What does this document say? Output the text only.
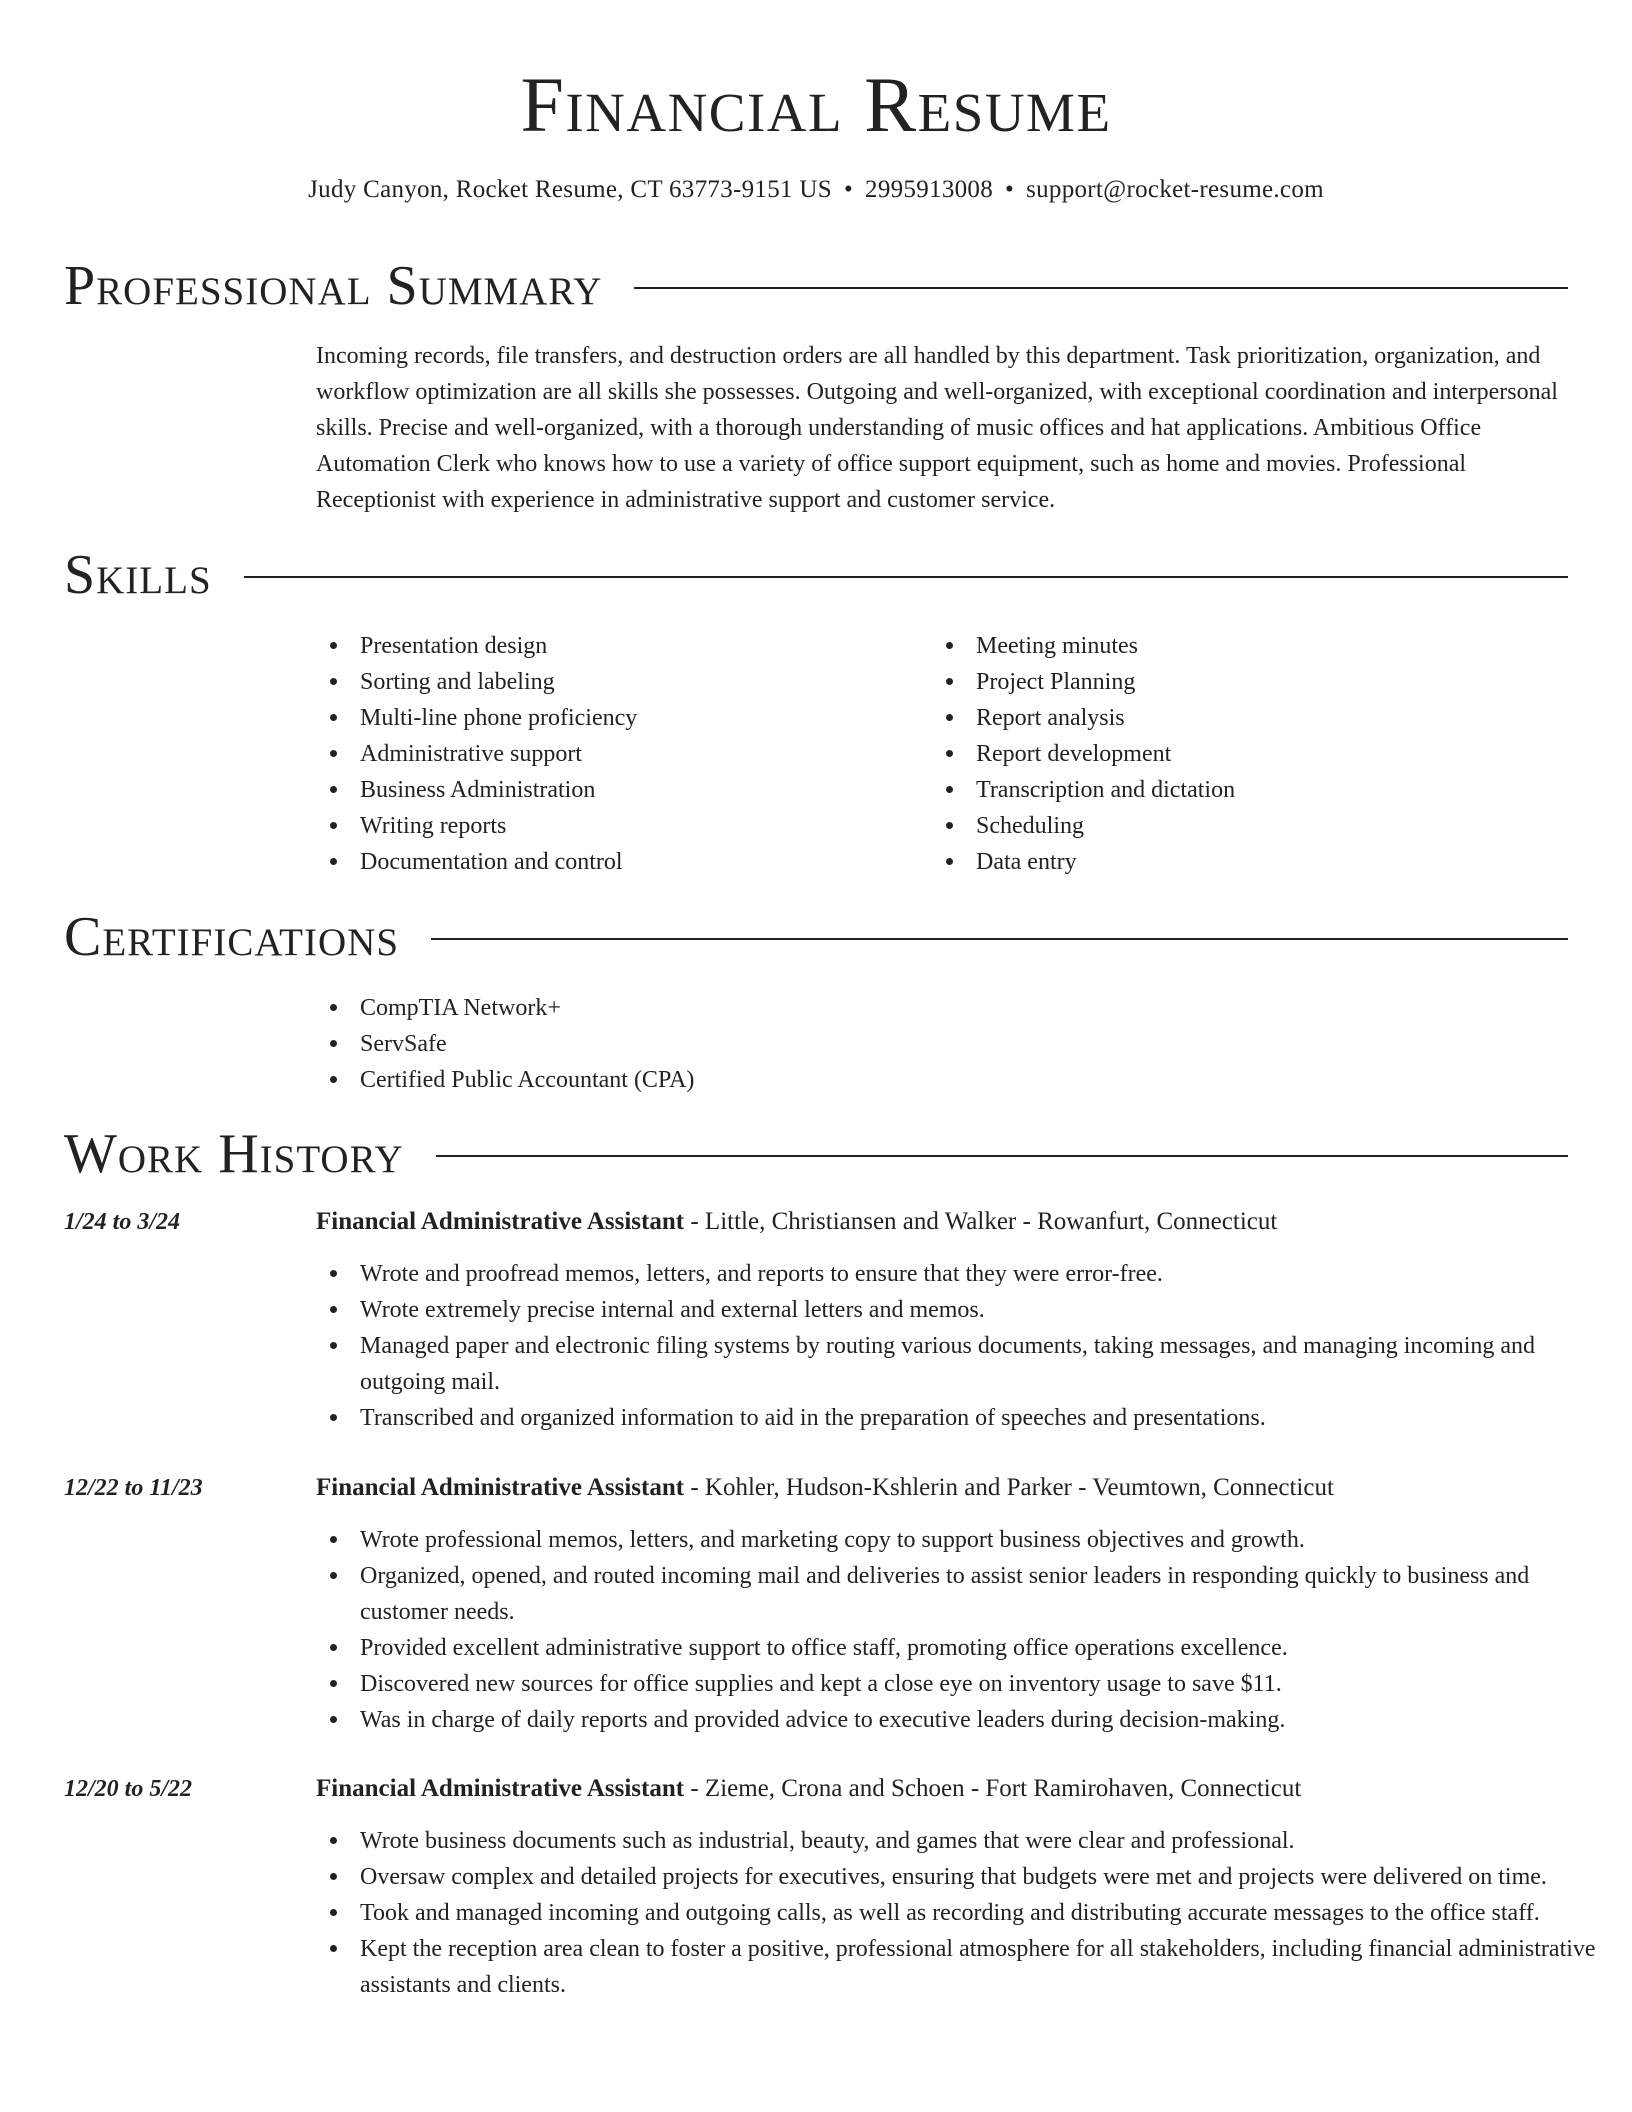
Financial Resume
Judy Canyon, Rocket Resume, CT 63773-9151 US • 2995913008 • support@rocket-resume.com
Professional Summary

Incoming records, file transfers, and destruction orders are all handled by this department. Task prioritization, organization, and workflow optimization are all skills she possesses. Outgoing and well-organized, with exceptional coordination and interpersonal skills. Precise and well-organized, with a thorough understanding of music offices and hat applications. Ambitious Office Automation Clerk who knows how to use a variety of office support equipment, such as home and movies. Professional Receptionist with experience in administrative support and customer service.

Skills
Presentation design
Sorting and labeling
Multi-line phone proficiency
Administrative support
Business Administration
Writing reports
Documentation and control
Meeting minutes
Project Planning
Report analysis
Report development
Transcription and dictation
Scheduling
Data entry
Certifications
CompTIA Network+
ServSafe
Certified Public Accountant (CPA)
Work History
1/24 to 3/24	Financial Administrative Assistant - Little, Christiansen and Walker - Rowanfurt, Connecticut
Wrote and proofread memos, letters, and reports to ensure that they were error-free.
Wrote extremely precise internal and external letters and memos.
Managed paper and electronic filing systems by routing various documents, taking messages, and managing incoming and outgoing mail.
Transcribed and organized information to aid in the preparation of speeches and presentations.
12/22 to 11/23	Financial Administrative Assistant - Kohler, Hudson-Kshlerin and Parker - Veumtown, Connecticut
Wrote professional memos, letters, and marketing copy to support business objectives and growth.
Organized, opened, and routed incoming mail and deliveries to assist senior leaders in responding quickly to business and customer needs.
Provided excellent administrative support to office staff, promoting office operations excellence.
Discovered new sources for office supplies and kept a close eye on inventory usage to save $11.
Was in charge of daily reports and provided advice to executive leaders during decision-making.
12/20 to 5/22	Financial Administrative Assistant - Zieme, Crona and Schoen - Fort Ramirohaven, Connecticut
Wrote business documents such as industrial, beauty, and games that were clear and professional.
Oversaw complex and detailed projects for executives, ensuring that budgets were met and projects were delivered on time.
Took and managed incoming and outgoing calls, as well as recording and distributing accurate messages to the office staff.
Kept the reception area clean to foster a positive, professional atmosphere for all stakeholders, including financial administrative assistants and clients.
